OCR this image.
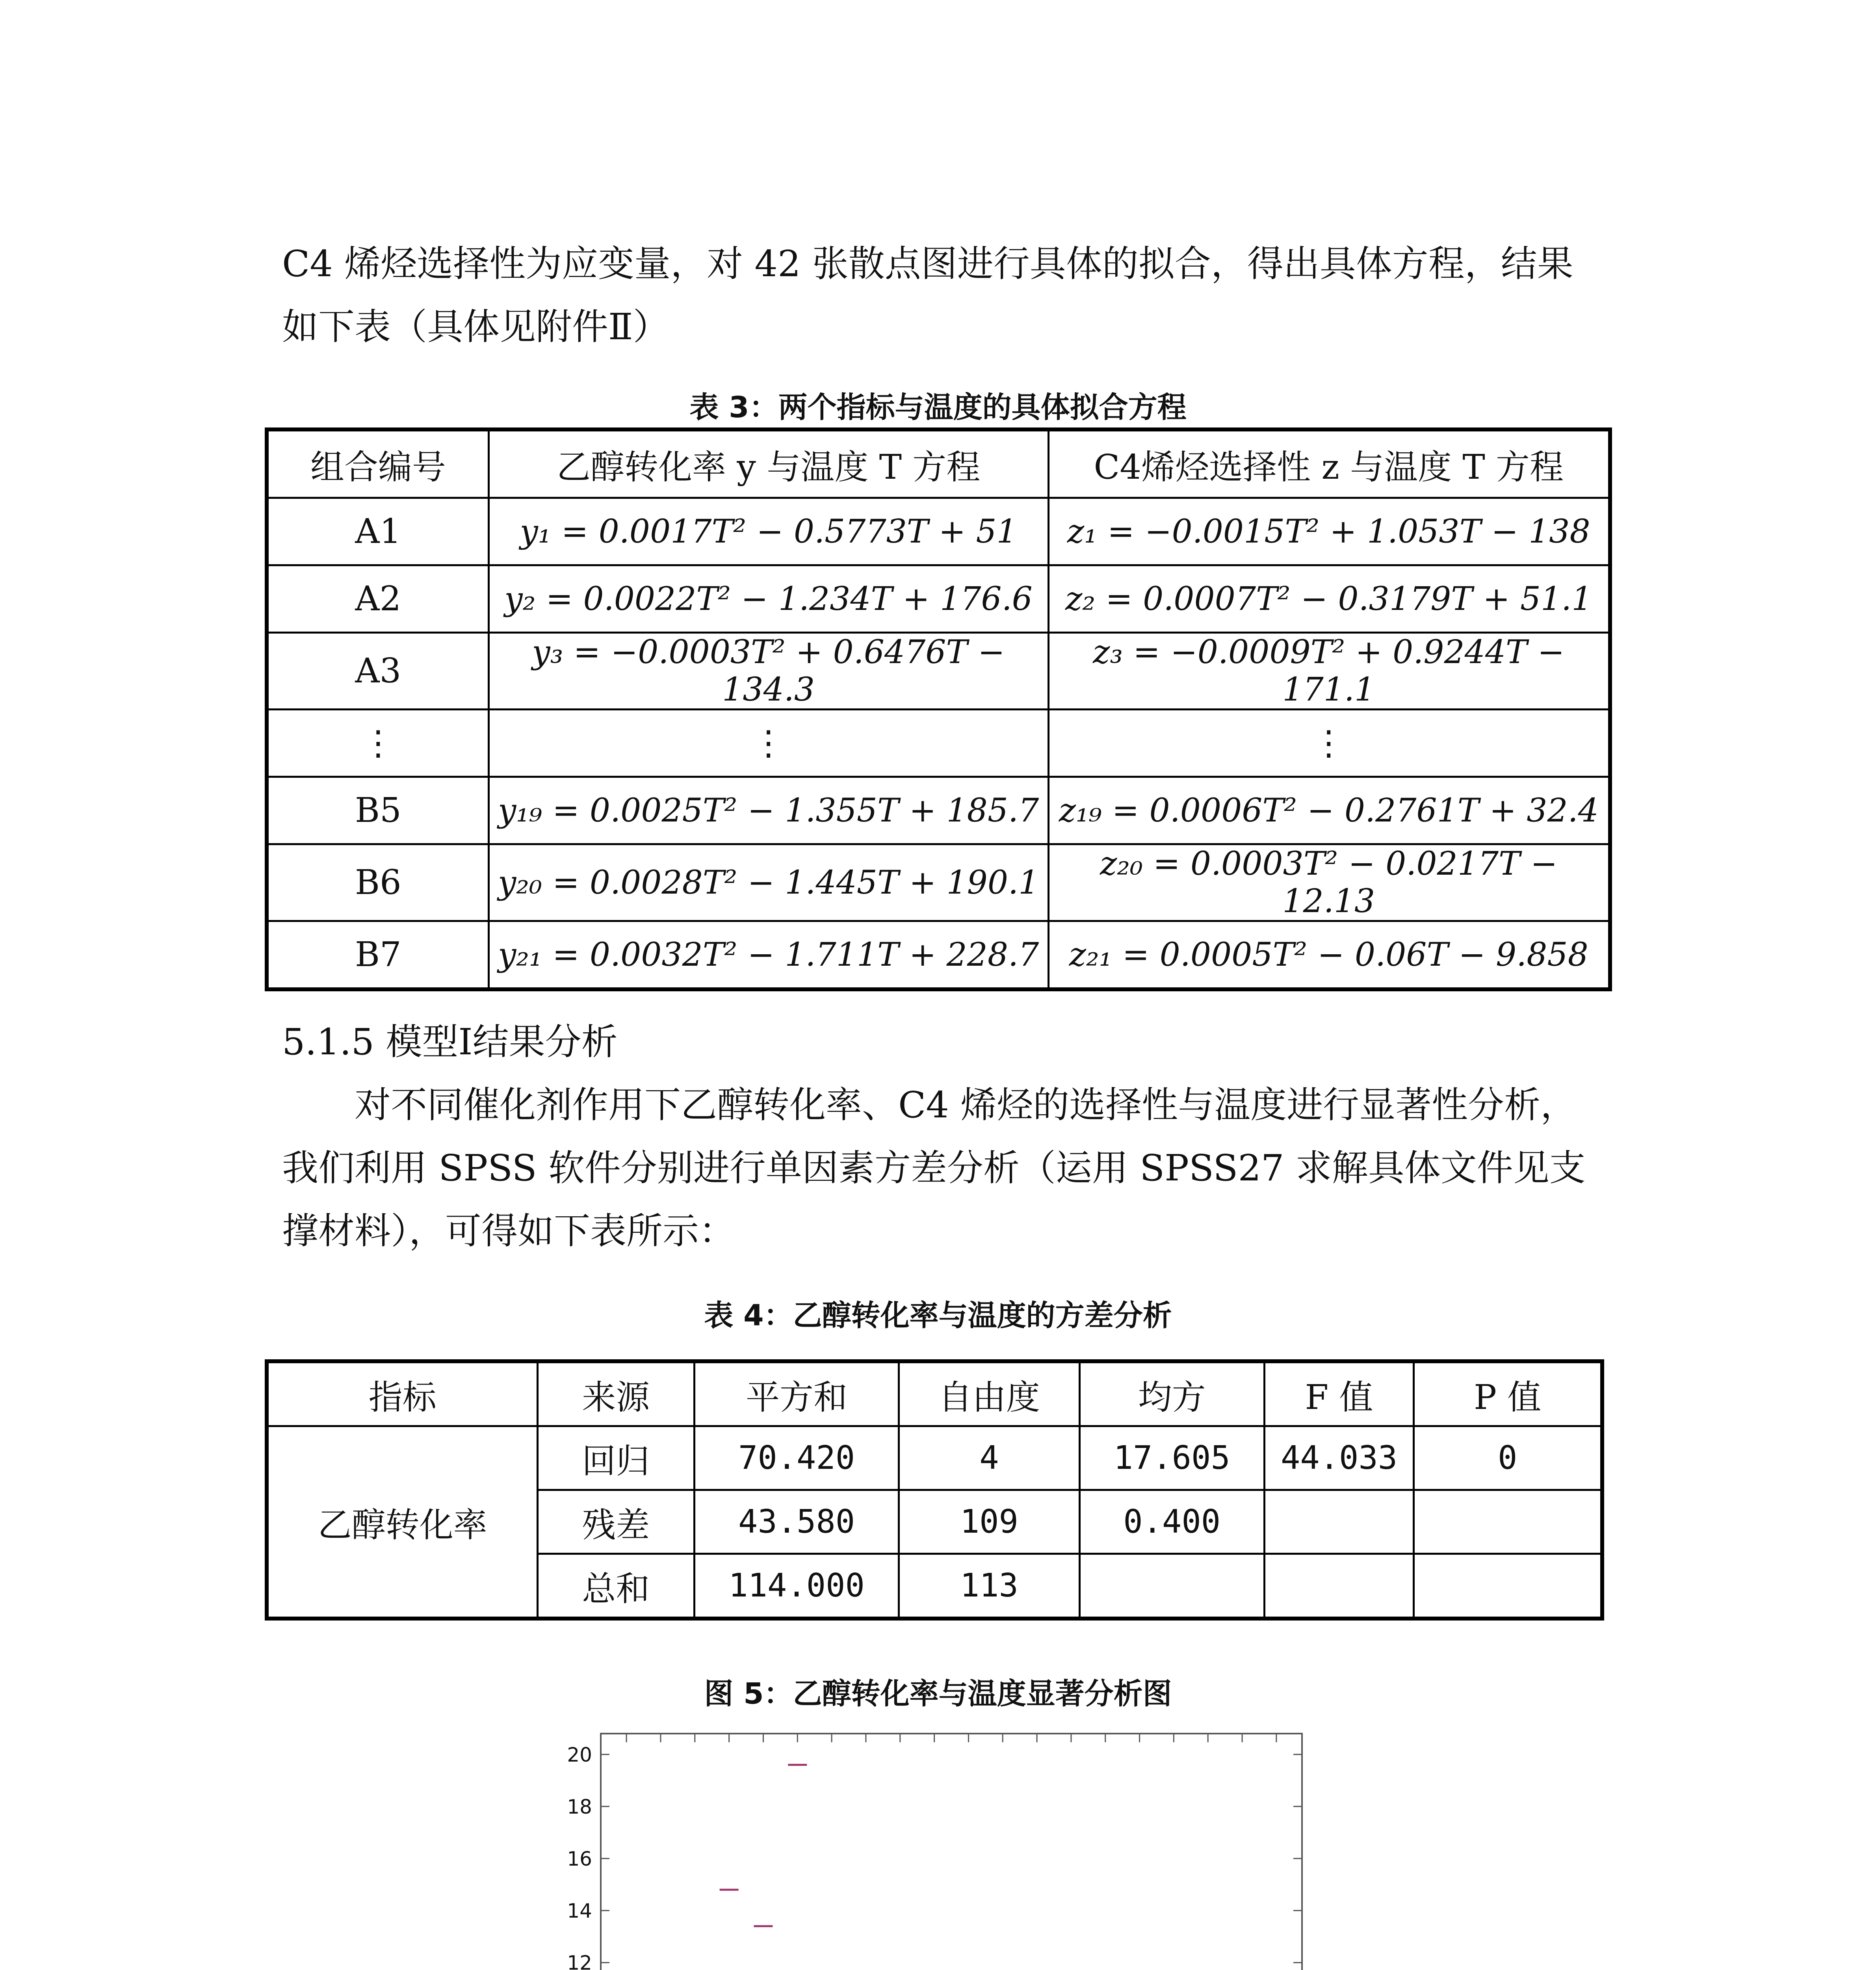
C4 烯烃选择性为应变量，对 42 张散点图进行具体的拟合，得出具体方程，结果如下表（具体见附件Ⅱ）

表 3：两个指标与温度的具体拟合方程
组合编号	乙醇转化率 y 与温度 T 方程	C4烯烃选择性 z 与温度 T 方程
A1	y₁ = 0.0017T² − 0.5773T + 51	z₁ = −0.0015T² + 1.053T − 138
A2	y₂ = 0.0022T² − 1.234T + 176.6	z₂ = 0.0007T² − 0.3179T + 51.1
A3	y₃ = −0.0003T² + 0.6476T − 134.3	z₃ = −0.0009T² + 0.9244T − 171.1
⋮	⋮	⋮
B5	y₁₉ = 0.0025T² − 1.355T + 185.7	z₁₉ = 0.0006T² − 0.2761T + 32.4
B6	y₂₀ = 0.0028T² − 1.445T + 190.1	z₂₀ = 0.0003T² − 0.0217T − 12.13
B7	y₂₁ = 0.0032T² − 1.711T + 228.7	z₂₁ = 0.0005T² − 0.06T − 9.858

5.1.5 模型Ⅰ结果分析

对不同催化剂作用下乙醇转化率、C4 烯烃的选择性与温度进行显著性分析，我们利用 SPSS 软件分别进行单因素方差分析（运用 SPSS27 求解具体文件见支撑材料），可得如下表所示：

表 4：乙醇转化率与温度的方差分析
指标	来源	平方和	自由度	均方	F 值	P 值
乙醇转化率	回归	70.420	4	17.605	44.033	0
	残差	43.580	109	0.400		
	总和	114.000	113			
图 5：乙醇转化率与温度显著分析图
12
14
16
18
20
